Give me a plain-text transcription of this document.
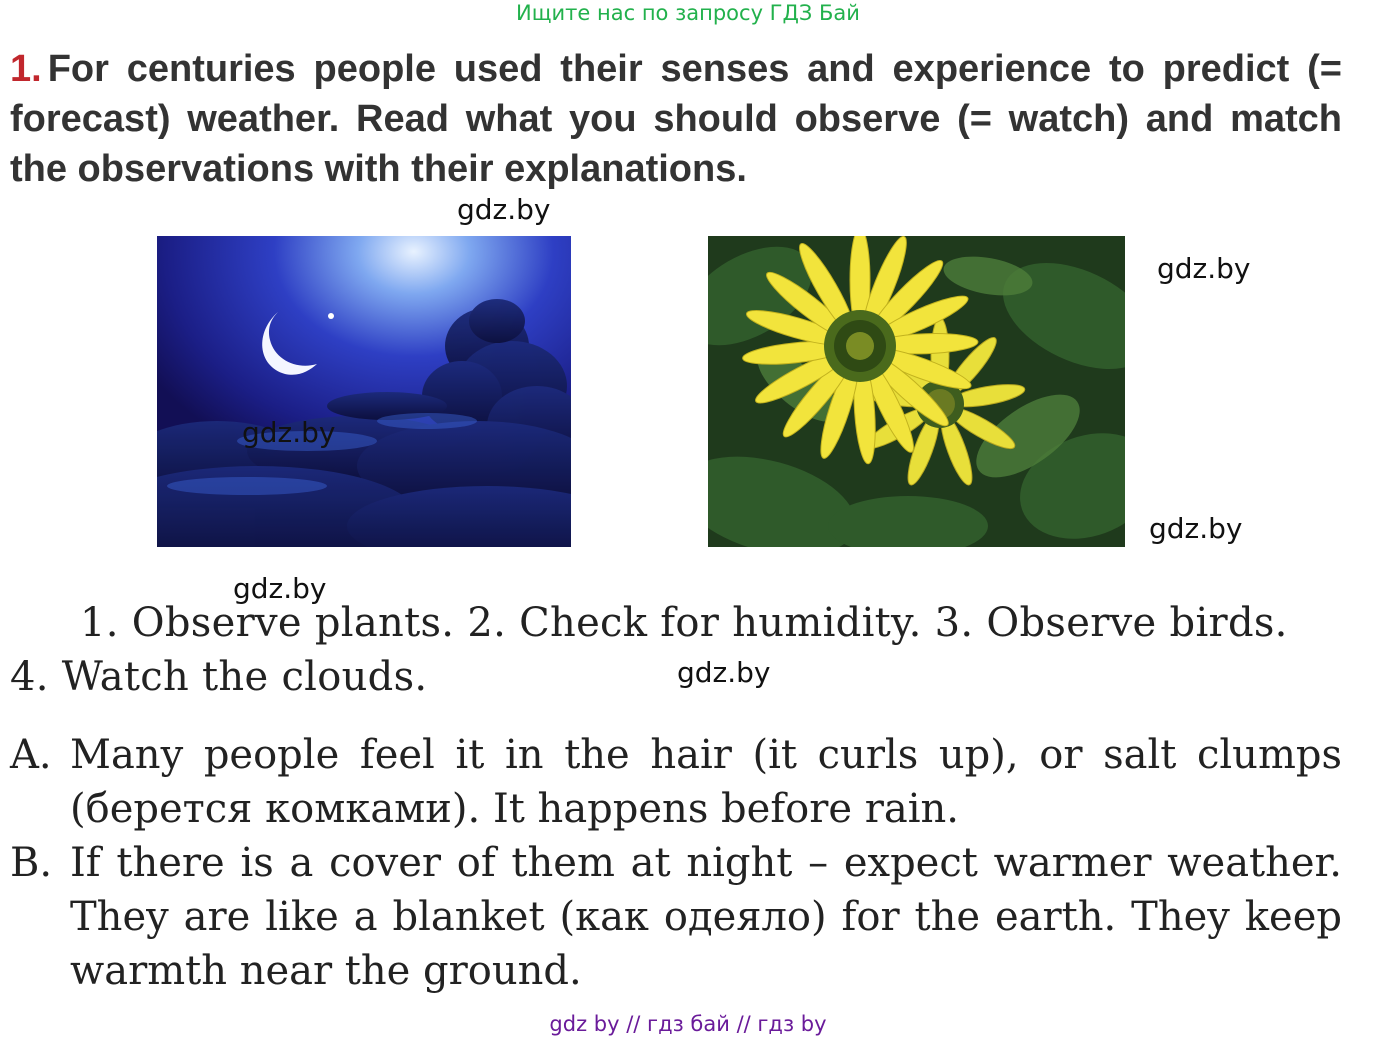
Ищите нас по запросу ГДЗ Бай
1. For centuries people used their senses and experience to predict (= forecast) weather. Read what you should observe (= watch) and match the observations with their explanations.
gdz.by
gdz.by
gdz.by
gdz.by
gdz.by
1. Observe plants. 2. Check for humidity. 3. Observe birds.
4. Watch the clouds.	gdz.by
A. Many people feel it in the hair (it curls up), or salt clumps (берется комками). It happens before rain.
B. If there is a cover of them at night – expect warmer weather. They are like a blanket (как одеяло) for the earth. They keep warmth near the ground.
gdz by // гдз бай // гдз by
